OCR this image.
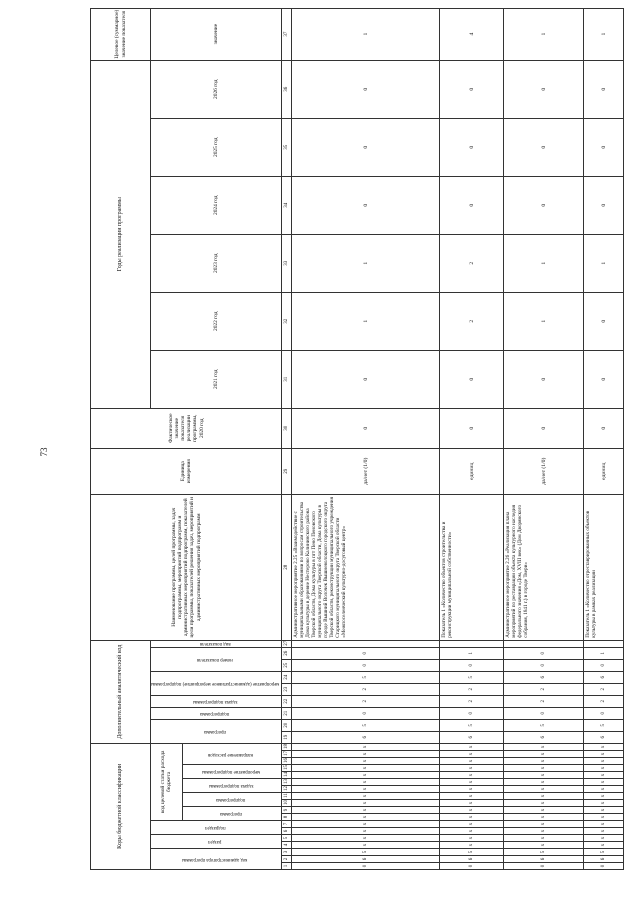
73
Коды бюджетной классификации																		Дополнительный аналитический код									Наименование программы, целей программы, задач подпрограммы, мероприятий подпрограмм и административных мероприятий подпрограмм, показателей цели программы, показателей решения задач, мероприятий и административных мероприятий подпрограмм	Единица измерения	Фактическое значение показателя реализации программы, 2020 год	Годы реализации программы						Целевое (суммарное) значение показателя
код администратора программы			раздел		подраздел		код целевой статьи расхода бюджета											программа		подпрограмма	задача подпрограммы	мероприятие (административное мероприятие) подпрограммы		номер показателя		вид показателя				2021 год	2022 год	2023 год	2024 год	2025 год	2026 год	значение
							программа		подпрограмма		задача подпрограммы		мероприятие подпрограммы		направление расходов																					
1	2	3	4	5	6	7	8	9	10	11	12	13	14	15	16	17	18	19	20	21	22	23	24	25	26	27	28	29	30	31	32	33	34	35	36	37
0	6	5	х	х	х	х	х	х	х	х	х	х	х	х	х	х	х	6	5	0	2	2	5	0	0		Административное мероприятие 2.25 «Взаимодействие с муниципальными образованиями по вопросам строительства Дома культуры в деревне Нестерово Калининского района Тверской области, Дома культуры в пгт Пено Пеновского муниципального округа Тверской области, Дома культуры в городе Вышний Волочек Вышневолоцкого городского округа Тверской области, реконструкции муниципального учреждения Старицкого муниципального округа Тверской области «Межпоселенческий культурно-досуговый центр»	да/нет (1/0)	0	0	1	1	0	0	0	1
0	6	5	х	х	х	х	х	х	х	х	х	х	х	х	х	х	х	6	5	0	2	2	5	0	1		Показатель 1 «Количество объектов строительства и реконструкции муниципальной собственности»	единиц	0	0	2	2	0	0	0	4
0	6	5	х	х	х	х	х	х	х	х	х	х	х	х	х	х	х	6	5	0	2	2	6	0	0		Административное мероприятие 2.26 «Реализация плана мероприятий по реставрации объекта культурного наследия федерального значения «Дом, XVIII век» (Дом Дворянского собрания, 1841 г.) в городе Твери»	да/нет (1/0)	0	0	1	1	0	0	0	1
0	6	5	х	х	х	х	х	х	х	х	х	х	х	х	х	х	х	6	5	0	2	2	6	0	1		Показатель 1 «Количество отреставрированных объектов культуры в рамках реализации	единиц	0	0	0	1	0	0	0	1
